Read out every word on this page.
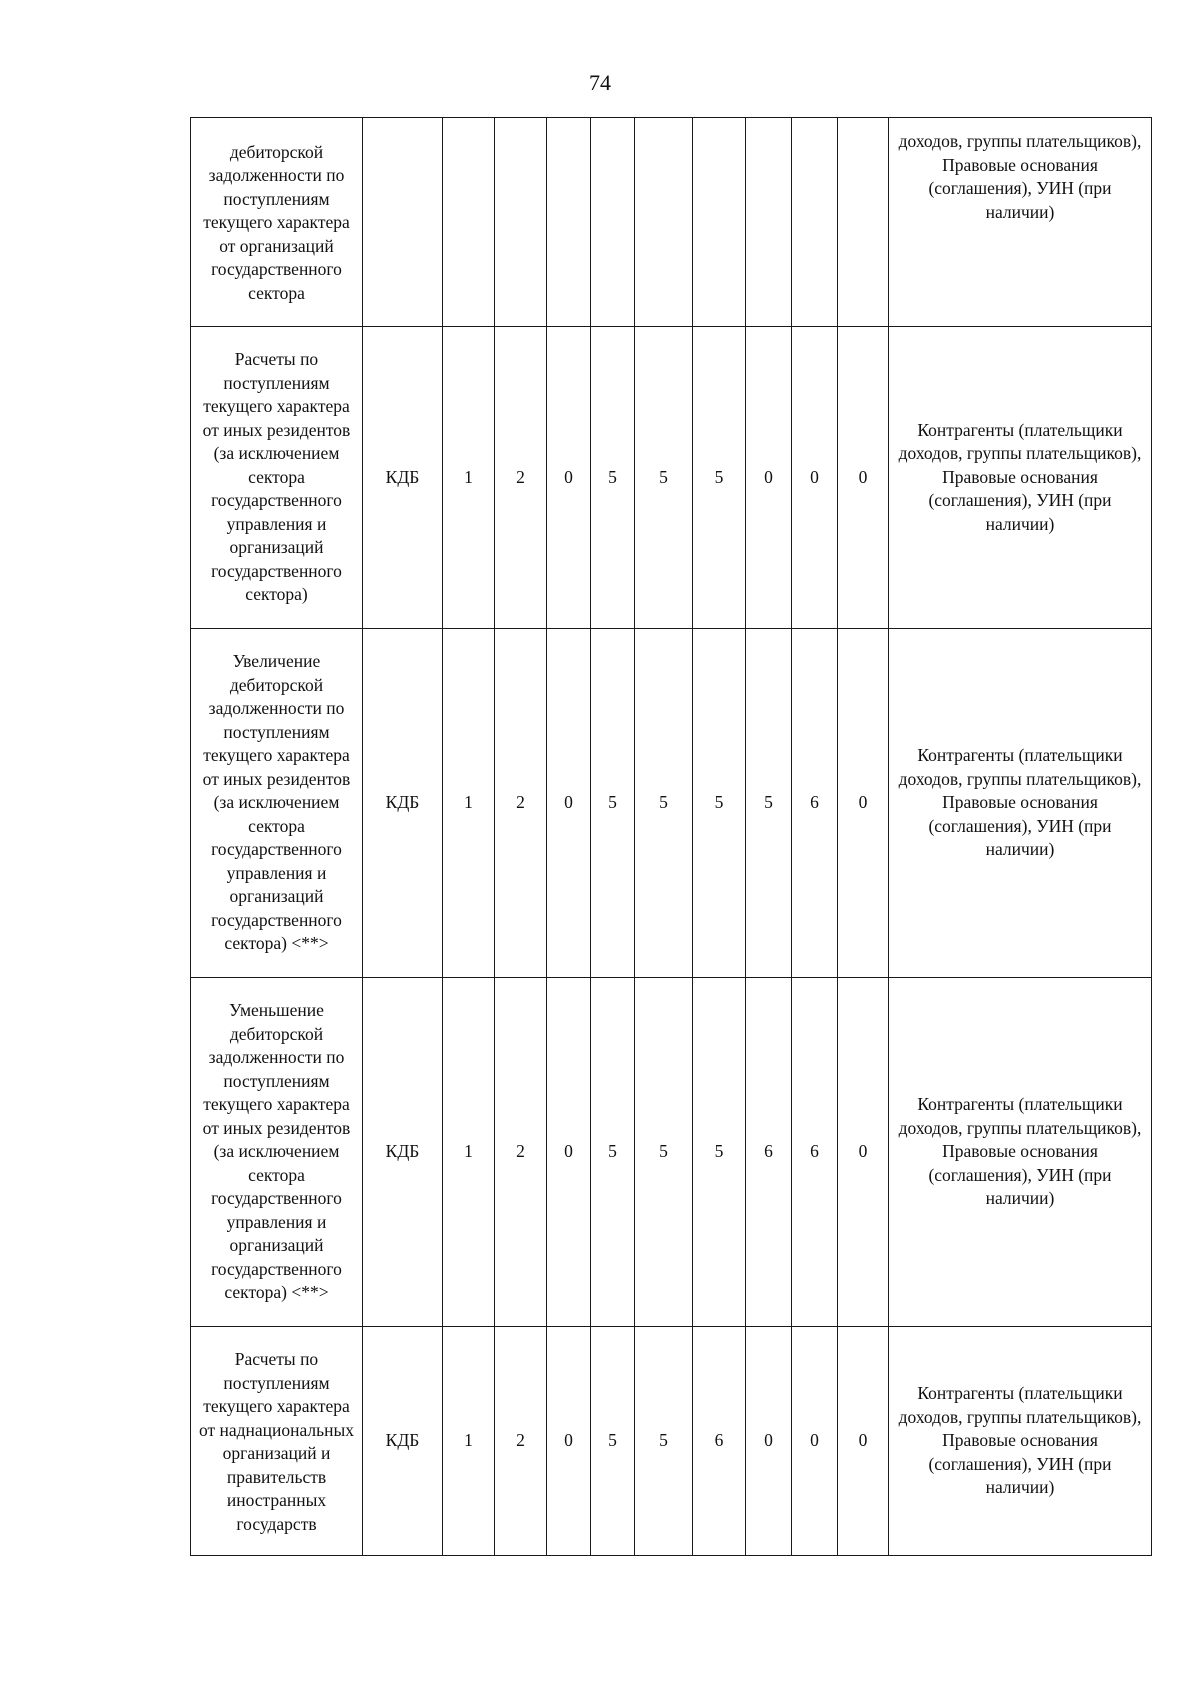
74
дебиторской задолженности по поступлениям текущего характера от организаций государственного сектора											доходов, группы плательщиков), Правовые основания (соглашения), УИН (при наличии)
Расчеты по поступлениям текущего характера от иных резидентов (за исключением сектора государственного управления и организаций государственного сектора)	КДБ	1	2	0	5	5	5	0	0	0	Контрагенты (плательщики доходов, группы плательщиков), Правовые основания (соглашения), УИН (при наличии)
Увеличение дебиторской задолженности по поступлениям текущего характера от иных резидентов (за исключением сектора государственного управления и организаций государственного сектора) <**>	КДБ	1	2	0	5	5	5	5	6	0	Контрагенты (плательщики доходов, группы плательщиков), Правовые основания (соглашения), УИН (при наличии)
Уменьшение дебиторской задолженности по поступлениям текущего характера от иных резидентов (за исключением сектора государственного управления и организаций государственного сектора) <**>	КДБ	1	2	0	5	5	5	6	6	0	Контрагенты (плательщики доходов, группы плательщиков), Правовые основания (соглашения), УИН (при наличии)
Расчеты по поступлениям текущего характера от наднациональных организаций и правительств иностранных государств	КДБ	1	2	0	5	5	6	0	0	0	Контрагенты (плательщики доходов, группы плательщиков), Правовые основания (соглашения), УИН (при наличии)
